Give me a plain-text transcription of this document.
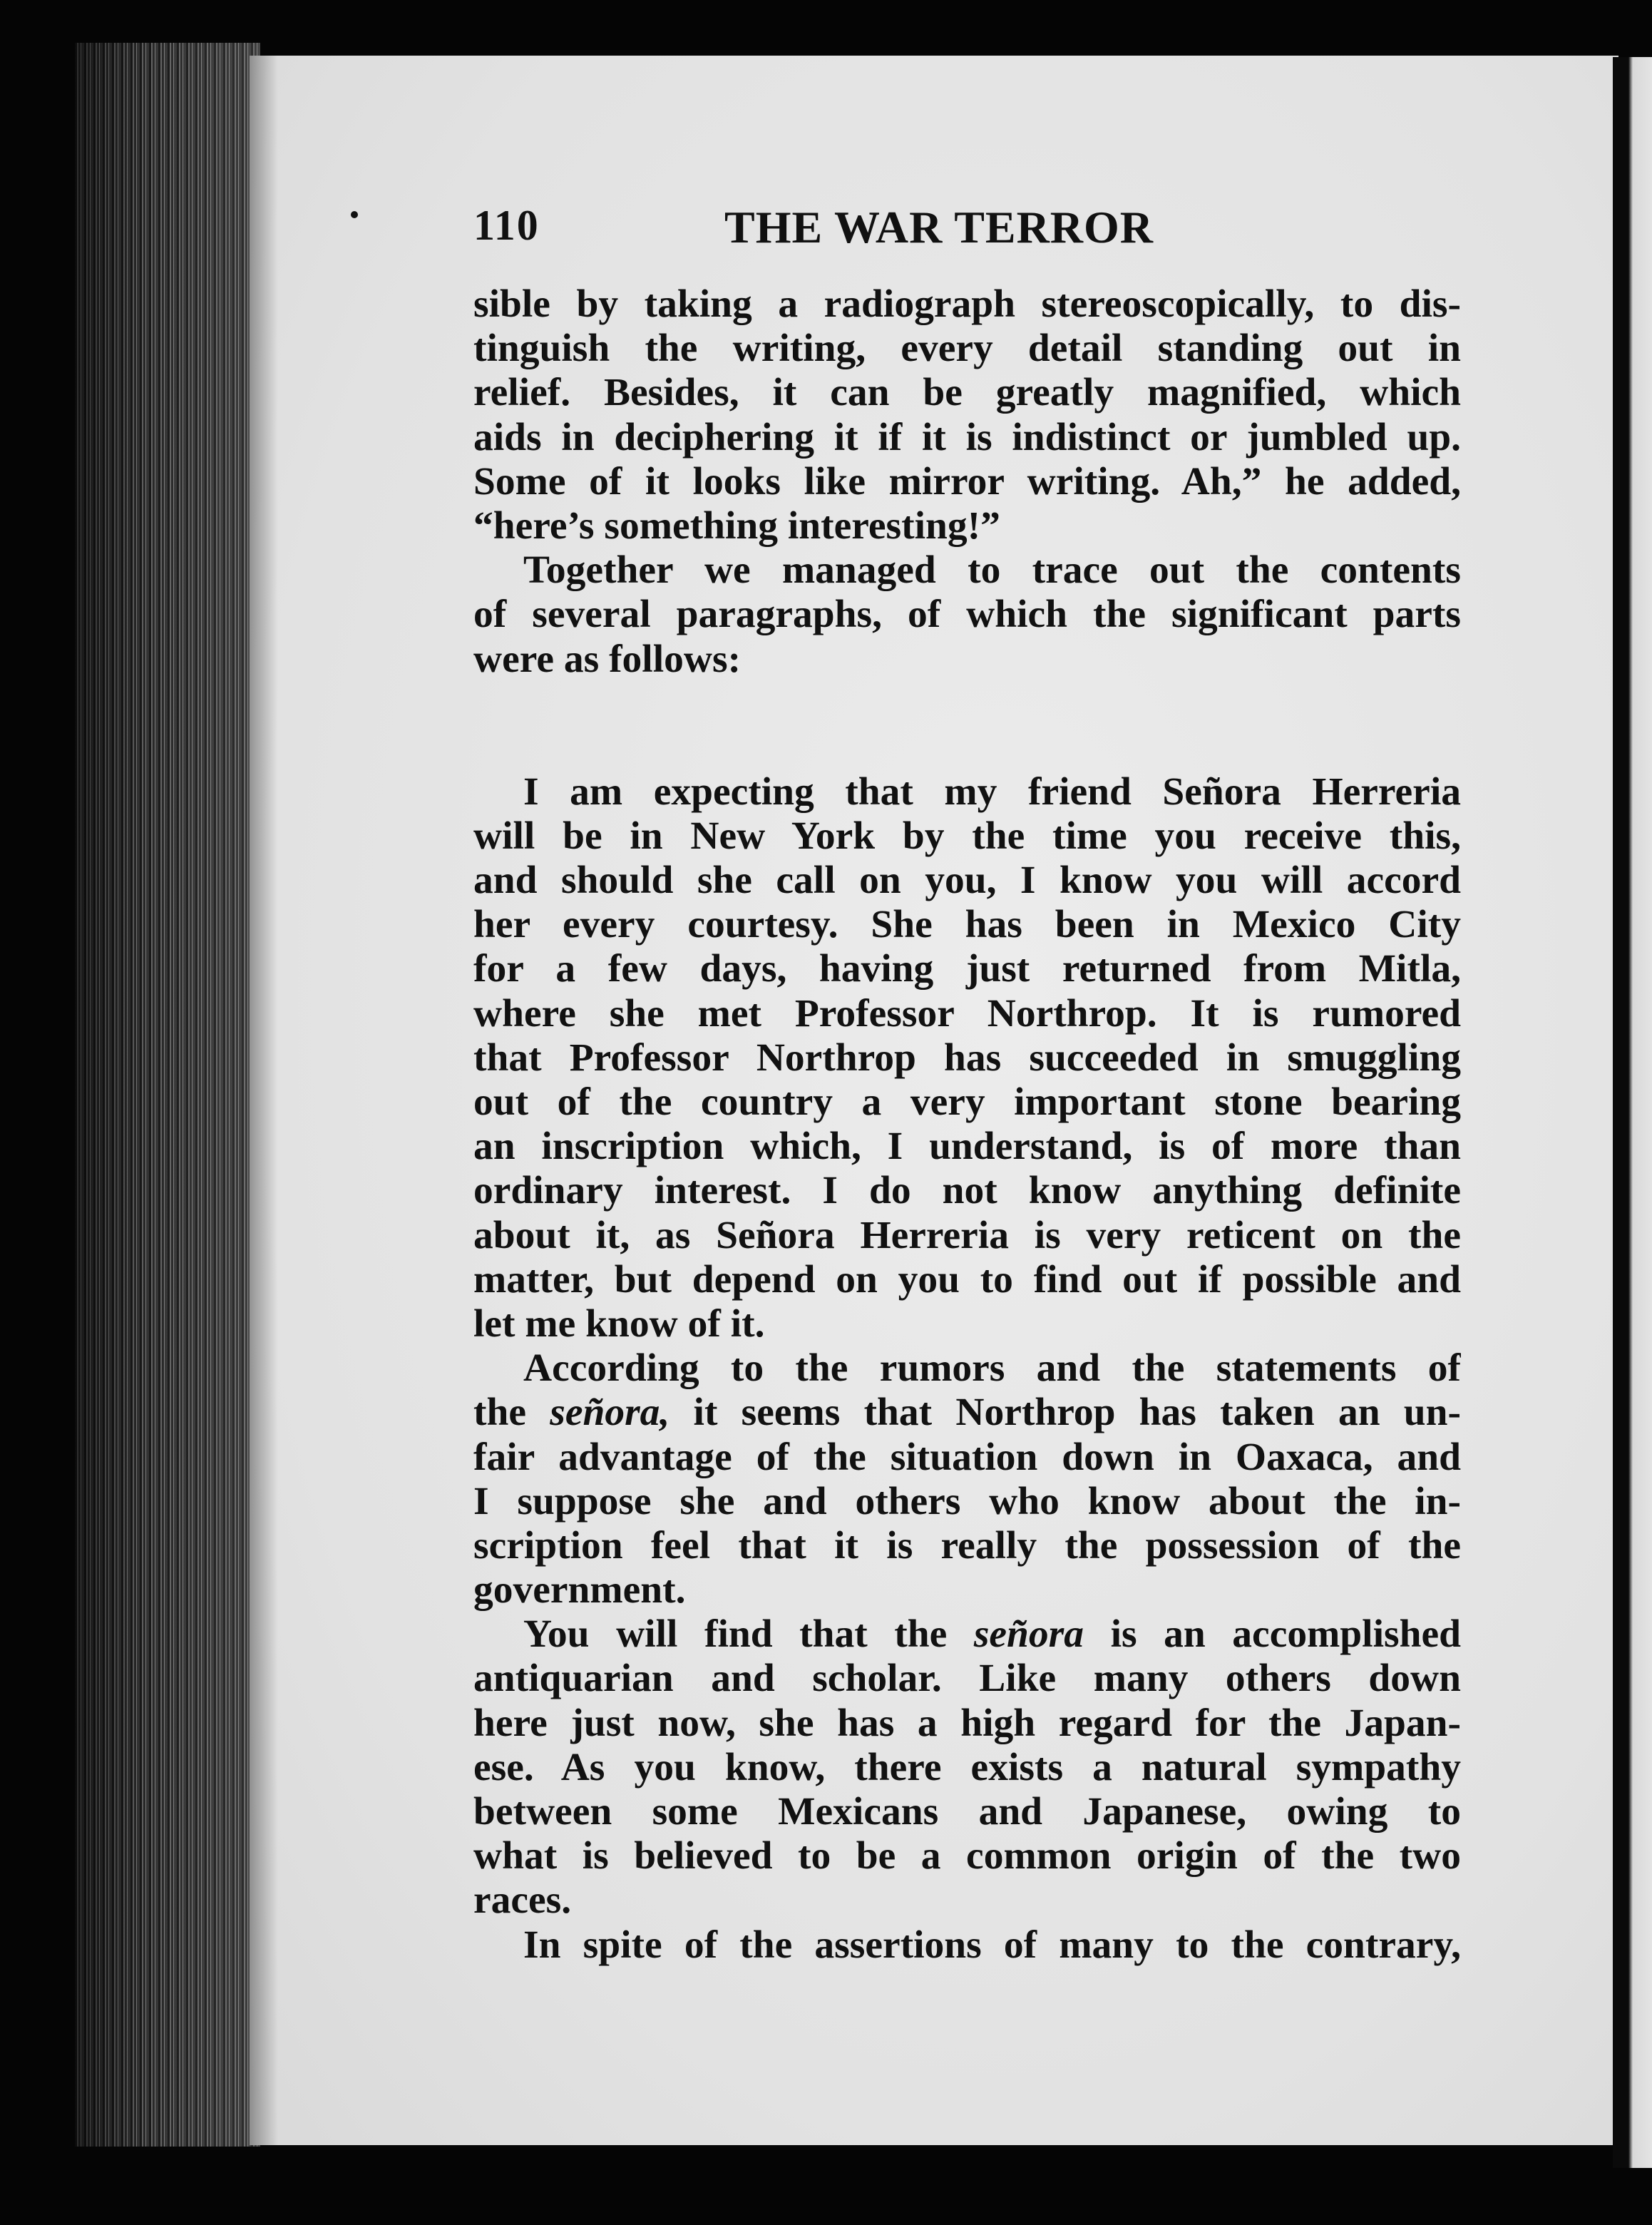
110	THE WAR TERROR
sible by taking a radiograph stereoscopically, to dis-
tinguish the writing, every detail standing out in
relief. Besides, it can be greatly magnified, which
aids in deciphering it if it is indistinct or jumbled up.
Some of it looks like mirror writing. Ah,” he added,
“here’s something interesting!”
Together we managed to trace out the contents
of several paragraphs, of which the significant parts
were as follows:
I am expecting that my friend Señora Herreria
will be in New York by the time you receive this,
and should she call on you, I know you will accord
her every courtesy. She has been in Mexico City
for a few days, having just returned from Mitla,
where she met Professor Northrop. It is rumored
that Professor Northrop has succeeded in smuggling
out of the country a very important stone bearing
an inscription which, I understand, is of more than
ordinary interest. I do not know anything definite
about it, as Señora Herreria is very reticent on the
matter, but depend on you to find out if possible and
let me know of it.
According to the rumors and the statements of
the señora, it seems that Northrop has taken an un-
fair advantage of the situation down in Oaxaca, and
I suppose she and others who know about the in-
scription feel that it is really the possession of the
government.
You will find that the señora is an accomplished
antiquarian and scholar. Like many others down
here just now, she has a high regard for the Japan-
ese. As you know, there exists a natural sympathy
between some Mexicans and Japanese, owing to
what is believed to be a common origin of the two
races.
In spite of the assertions of many to the contrary,
